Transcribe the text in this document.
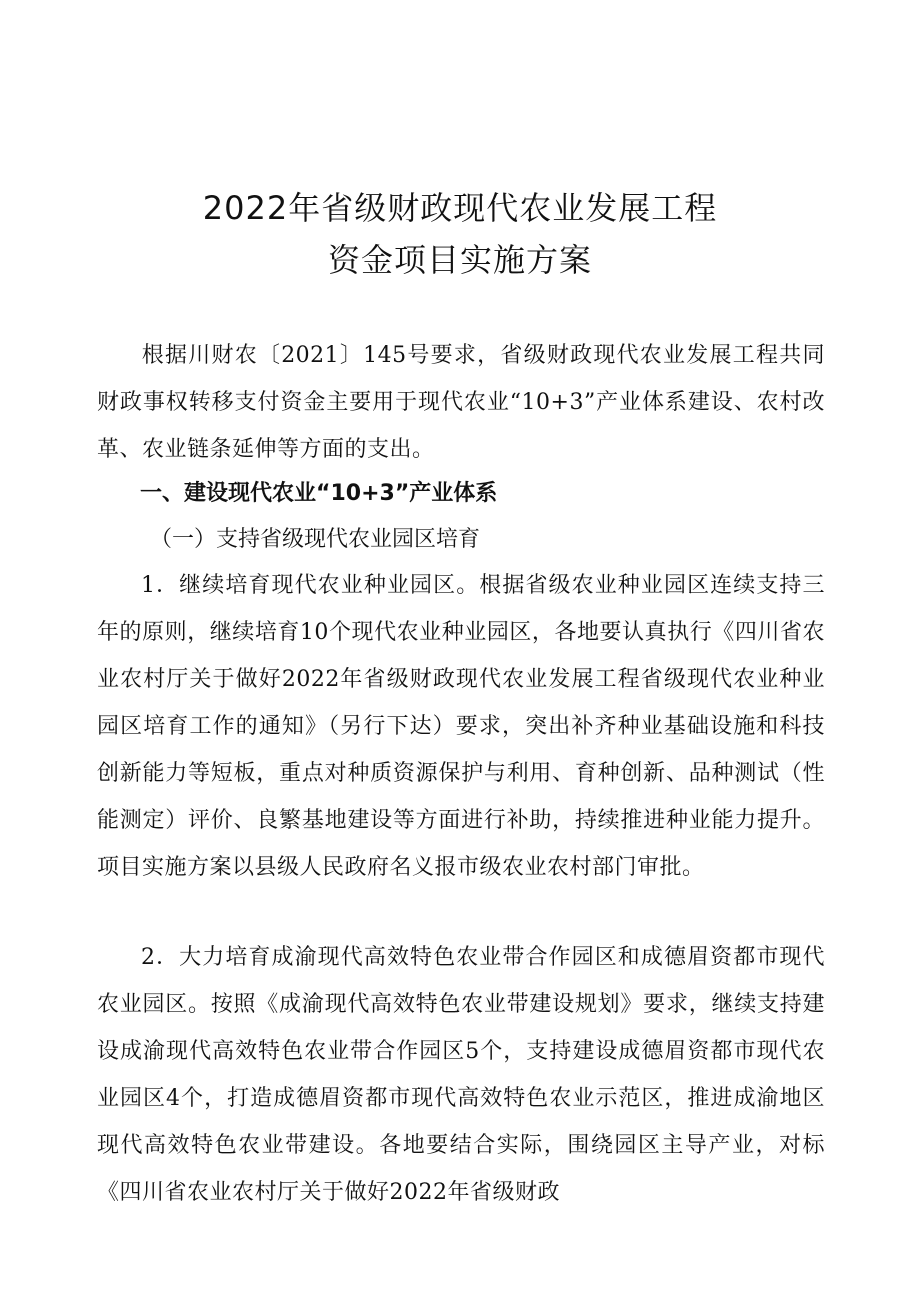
2022年省级财政现代农业发展工程
资金项目实施方案
根据川财农〔2021〕145号要求，省级财政现代农业发展工程共同财政事权转移支付资金主要用于现代农业“10+3”产业体系建设、农村改革、农业链条延伸等方面的支出。
一、建设现代农业“10+3”产业体系
（一）支持省级现代农业园区培育
1．继续培育现代农业种业园区。根据省级农业种业园区连续支持三年的原则，继续培育10个现代农业种业园区，各地要认真执行《四川省农业农村厅关于做好2022年省级财政现代农业发展工程省级现代农业种业园区培育工作的通知》（另行下达）要求，突出补齐种业基础设施和科技创新能力等短板，重点对种质资源保护与利用、育种创新、品种测试（性能测定）评价、良繁基地建设等方面进行补助，持续推进种业能力提升。项目实施方案以县级人民政府名义报市级农业农村部门审批。
2．大力培育成渝现代高效特色农业带合作园区和成德眉资都市现代农业园区。按照《成渝现代高效特色农业带建设规划》要求，继续支持建设成渝现代高效特色农业带合作园区5个，支持建设成德眉资都市现代农业园区4个，打造成德眉资都市现代高效特色农业示范区，推进成渝地区现代高效特色农业带建设。各地要结合实际，围绕园区主导产业，对标《四川省农业农村厅关于做好2022年省级财政
